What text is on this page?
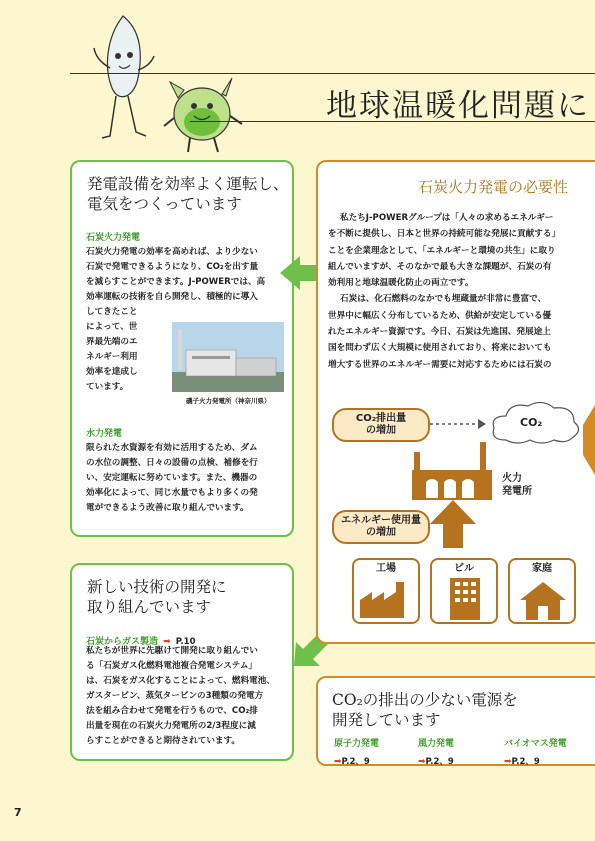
地球温暖化問題に
発電設備を効率よく運転し、
電気をつくっています
石炭火力発電
石炭火力発電の効率を高めれば、より少ない
石炭で発電できるようになり、CO₂を出す量
を減らすことができます。J-POWERでは、高
効率運転の技術を自ら開発し、積極的に導入
してきたこと
によって、世
界最先端のエ
ネルギー利用
効率を達成し
ています。
磯子火力発電所（神奈川県）
水力発電
限られた水資源を有効に活用するため、ダム
の水位の調整、日々の設備の点検、補修を行
い、安定運転に努めています。また、機器の
効率化によって、同じ水量でもより多くの発
電ができるよう改善に取り組んでいます。
新しい技術の開発に
取り組んでいます
石炭からガス製造 ➡ P.10
私たちが世界に先駆けて開発に取り組んでい
る「石炭ガス化燃料電池複合発電システム」
は、石炭をガス化することによって、燃料電池、
ガスタービン、蒸気タービンの3種類の発電方
法を組み合わせて発電を行うもので、CO₂排
出量を現在の石炭火力発電所の2/3程度に減
らすことができると期待されています。
石炭火力発電の必要性
私たちJ-POWERグループは「人々の求めるエネルギー
を不断に提供し、日本と世界の持続可能な発展に貢献する」
ことを企業理念として、「エネルギーと環境の共生」に取り
組んでいますが、そのなかで最も大きな課題が、石炭の有
効利用と地球温暖化防止の両立です。
石炭は、化石燃料のなかでも埋蔵量が非常に豊富で、
世界中に幅広く分布しているため、供給が安定している優
れたエネルギー資源です。今日、石炭は先進国、発展途上
国を問わず広く大規模に使用されており、将来においても
増大する世界のエネルギー需要に対応するためには石炭の
CO₂排出量
の増加
CO₂
火力
発電所
エネルギー使用量
の増加
工場	ビル	家庭
CO₂の排出の少ない電源を
開発しています
原子力発電
➡P.2、9
風力発電
➡P.2、9
バイオマス発電
➡P.2、9
7
